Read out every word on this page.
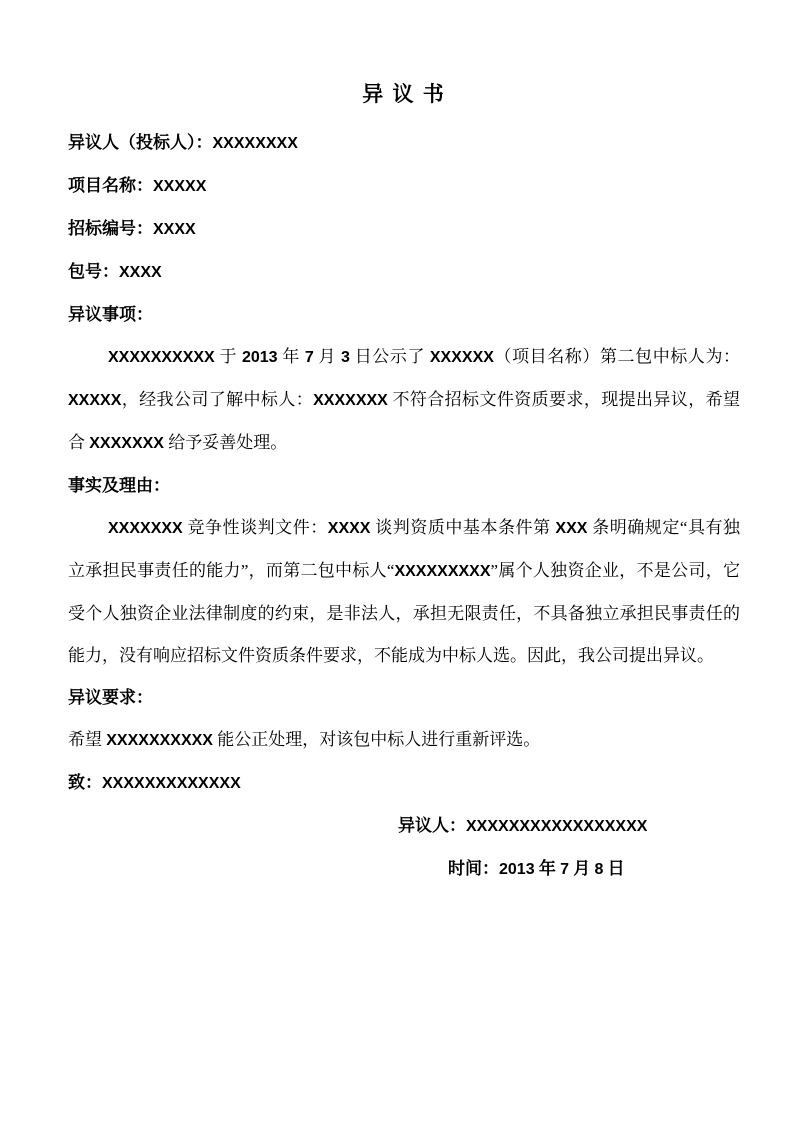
异 议 书
异议人（投标人）：XXXXXXXX
项目名称：XXXXX
招标编号：XXXX
包号：XXXX
异议事项：
XXXXXXXXXX 于 2013 年 7 月 3 日公示了 XXXXXX（项目名称）第二包中标人为：XXXXX，经我公司了解中标人：XXXXXXX 不符合招标文件资质要求，现提出异议，希望合 XXXXXXX 给予妥善处理。
事实及理由：
XXXXXXX 竞争性谈判文件：XXXX 谈判资质中基本条件第 XXX 条明确规定“具有独立承担民事责任的能力”，而第二包中标人“XXXXXXXXX”属个人独资企业，不是公司，它受个人独资企业法律制度的约束，是非法人，承担无限责任，不具备独立承担民事责任的能力，没有响应招标文件资质条件要求，不能成为中标人选。因此，我公司提出异议。
异议要求：
希望 XXXXXXXXXX 能公正处理，对该包中标人进行重新评选。
致：XXXXXXXXXXXXX
异议人：XXXXXXXXXXXXXXXXX
时间：2013 年 7 月 8 日
